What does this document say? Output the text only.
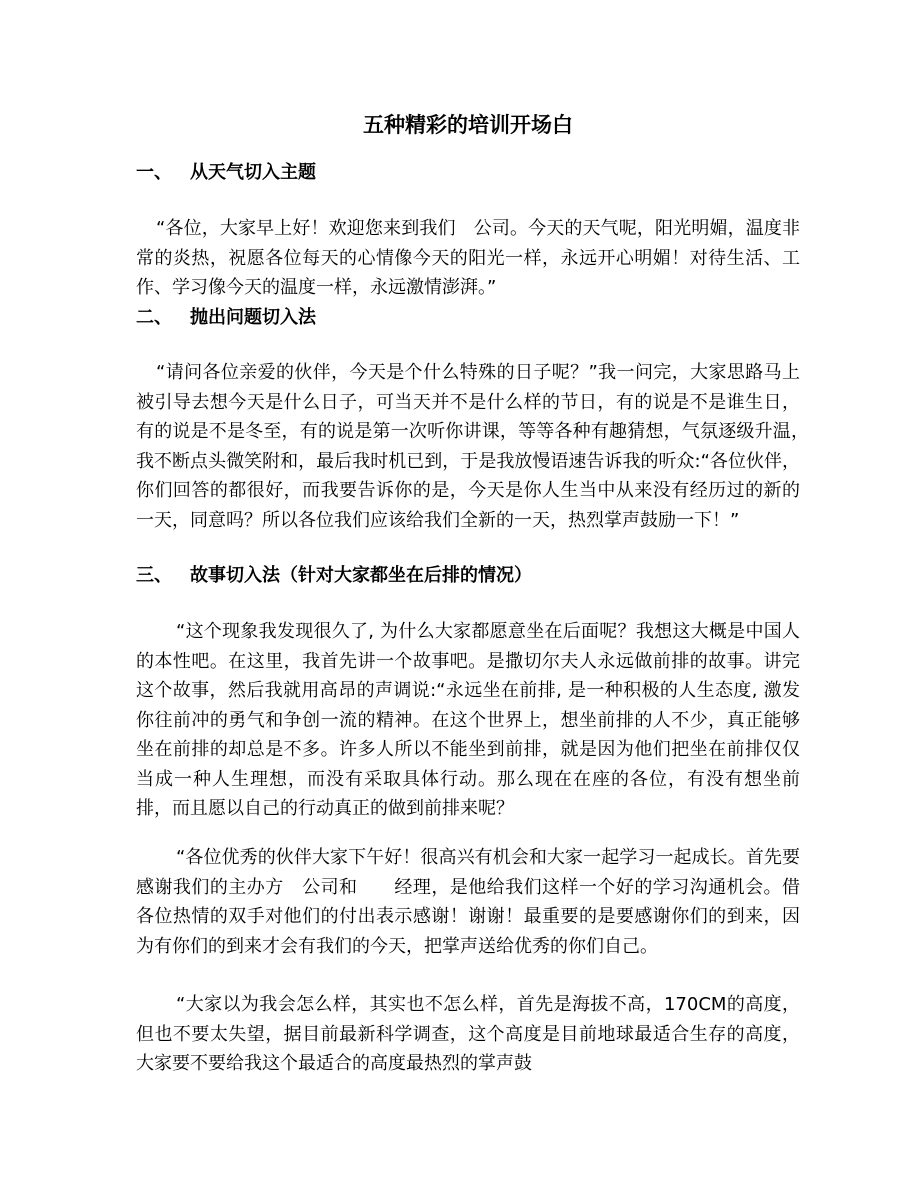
五种精彩的培训开场白
一、 从天气切入主题

“各位，大家早上好！欢迎您来到我们　公司。今天的天气呢，阳光明媚，温度非常的炎热，祝愿各位每天的心情像今天的阳光一样，永远开心明媚！对待生活、工作、学习像今天的温度一样，永远激情澎湃。”

二、 抛出问题切入法

“请问各位亲爱的伙伴，今天是个什么特殊的日子呢？”我一问完，大家思路马上被引导去想今天是什么日子，可当天并不是什么样的节日，有的说是不是谁生日，有的说是不是冬至，有的说是第一次听你讲课，等等各种有趣猜想，气氛逐级升温，　我不断点头微笑附和，最后我时机已到，于是我放慢语速告诉我的听众:“各位伙伴，你们回答的都很好，而我要告诉你的是，今天是你人生当中从来没有经历过的新的一天，同意吗？所以各位我们应该给我们全新的一天，热烈掌声鼓励一下！”

三、 故事切入法（针对大家都坐在后排的情况）

“这个现象我发现很久了, 为什么大家都愿意坐在后面呢？我想这大概是中国人的本性吧。在这里，我首先讲一个故事吧。是撒切尔夫人永远做前排的故事。讲完这个故事，然后我就用高昂的声调说:“永远坐在前排, 是一种积极的人生态度, 激发你往前冲的勇气和争创一流的精神。在这个世界上，想坐前排的人不少，真正能够坐在前排的却总是不多。许多人所以不能坐到前排，就是因为他们把坐在前排仅仅当成一种人生理想，而没有采取具体行动。那么现在在座的各位，有没有想坐前排，而且愿以自己的行动真正的做到前排来呢？

“各位优秀的伙伴大家下午好！很高兴有机会和大家一起学习一起成长。首先要感谢我们的主办方　公司和　　经理，是他给我们这样一个好的学习沟通机会。借各位热情的双手对他们的付出表示感谢！谢谢！最重要的是要感谢你们的到来，因为有你们的到来才会有我们的今天，把掌声送给优秀的你们自己。

“大家以为我会怎么样，其实也不怎么样，首先是海拔不高，170CM的高度，但也不要太失望，据目前最新科学调查，这个高度是目前地球最适合生存的高度，大家要不要给我这个最适合的高度最热烈的掌声鼓
